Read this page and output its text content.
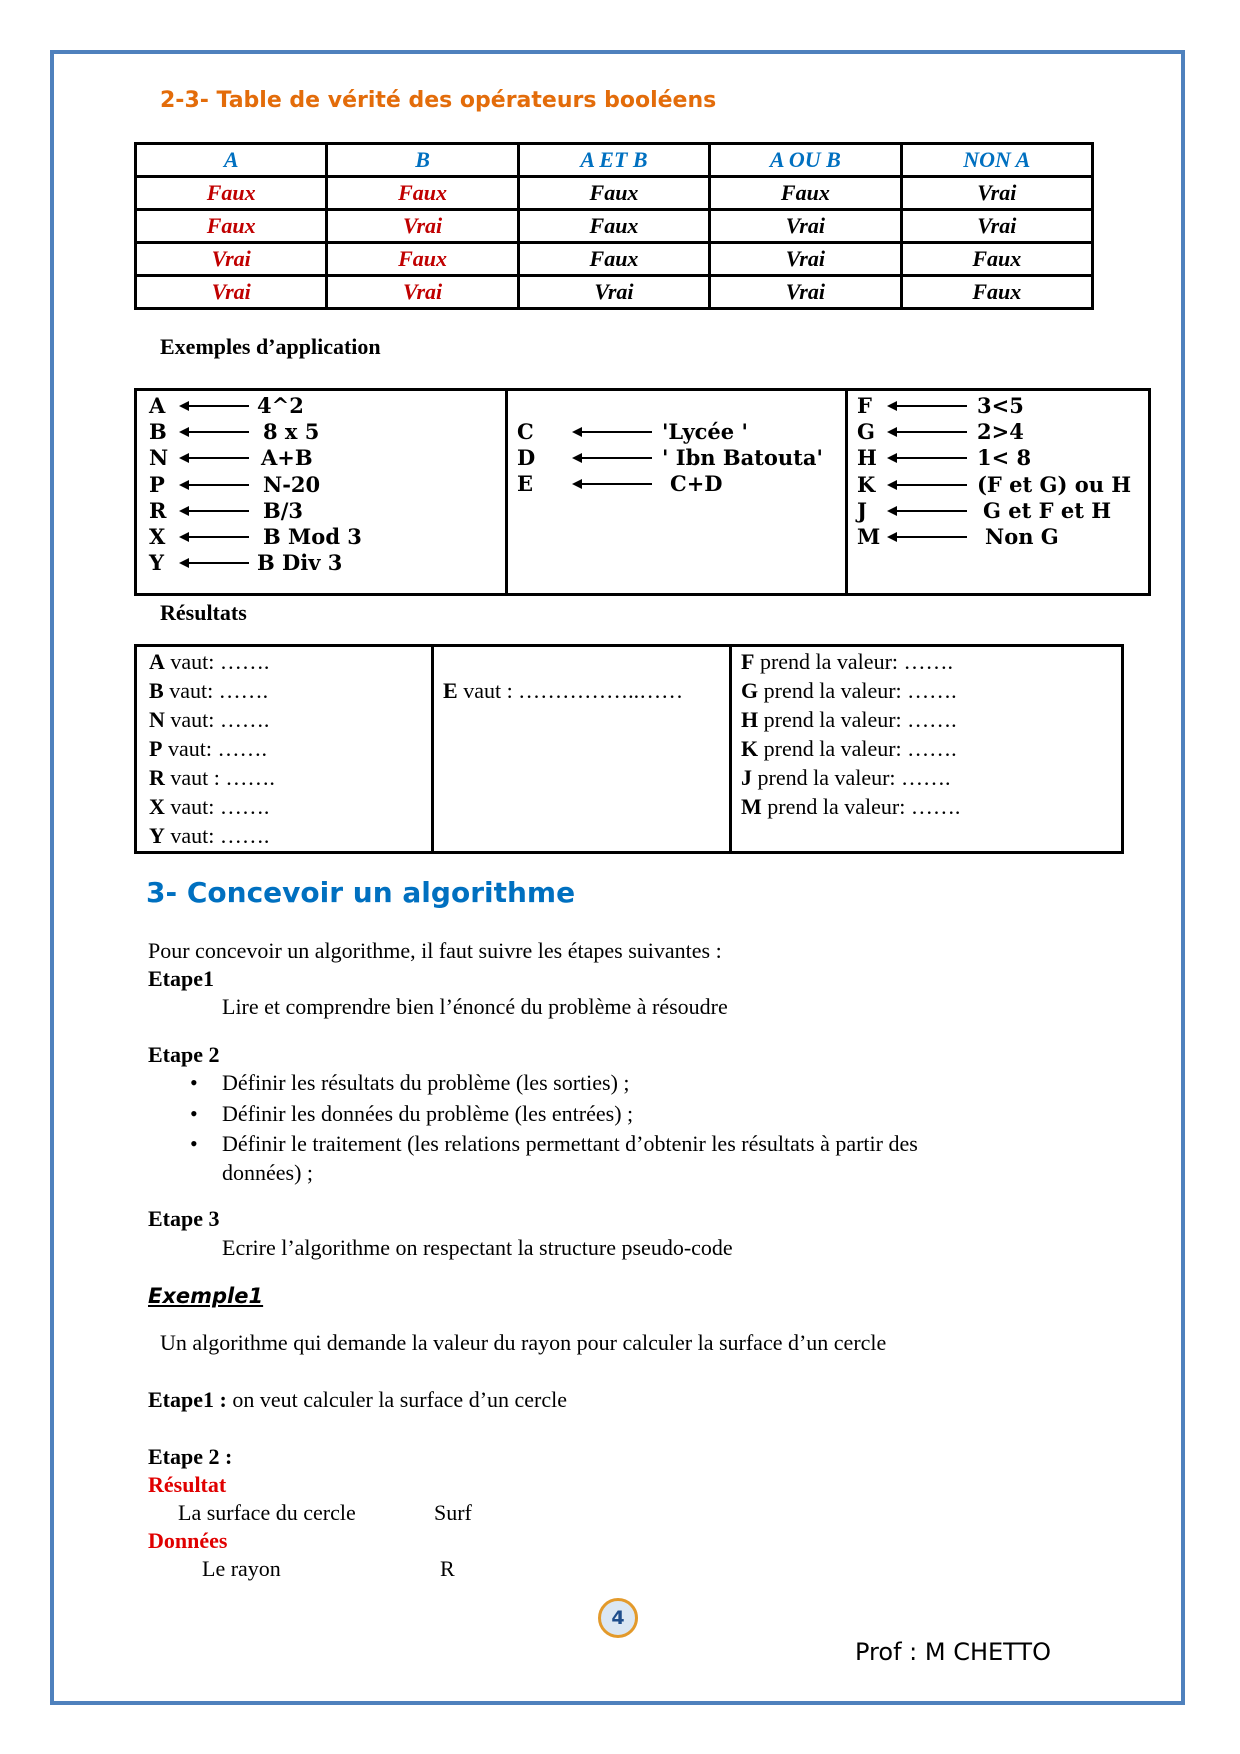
2-3- Table de vérité des opérateurs booléens
A	B	A ET B	A OU B	NON A
Faux	Faux	Faux	Faux	Vrai
Faux	Vrai	Faux	Vrai	Vrai
Vrai	Faux	Faux	Vrai	Faux
Vrai	Vrai	Vrai	Vrai	Faux
Exemples d’application
A	4^2
B	8 x 5
N	A+B
P	N-20
R	B/3
X	B Mod 3
Y	B Div 3
C	'Lycée '
D	' Ibn Batouta'
E	C+D
F	3<5
G	2>4
H	1< 8
K	(F et G) ou H
J	G et F et H
M	Non G
Résultats
A vaut: …….
B vaut: …….
N vaut: …….
P vaut: …….
R vaut : …….
X vaut: …….
Y vaut: …….
E vaut : ……………..……
F prend la valeur: …….
G prend la valeur: …….
H prend la valeur: …….
K prend la valeur: …….
J prend la valeur: …….
M prend la valeur: …….
3- Concevoir un algorithme
Pour concevoir un algorithme, il faut suivre les étapes suivantes :
Etape1
Lire et comprendre bien l’énoncé du problème à résoudre
Etape 2
• Définir les résultats du problème (les sorties) ;
• Définir les données du problème (les entrées) ;
• Définir le traitement (les relations permettant d’obtenir les résultats à partir des
données) ;
Etape 3
Ecrire l’algorithme on respectant la structure pseudo-code
Exemple1
Un algorithme qui demande la valeur du rayon pour calculer la surface d’un cercle
Etape1 : on veut calculer la surface d’un cercle
Etape 2 :
Résultat
La surface du cercle	Surf
Données
Le rayon	R
4
Prof : M CHETTO
